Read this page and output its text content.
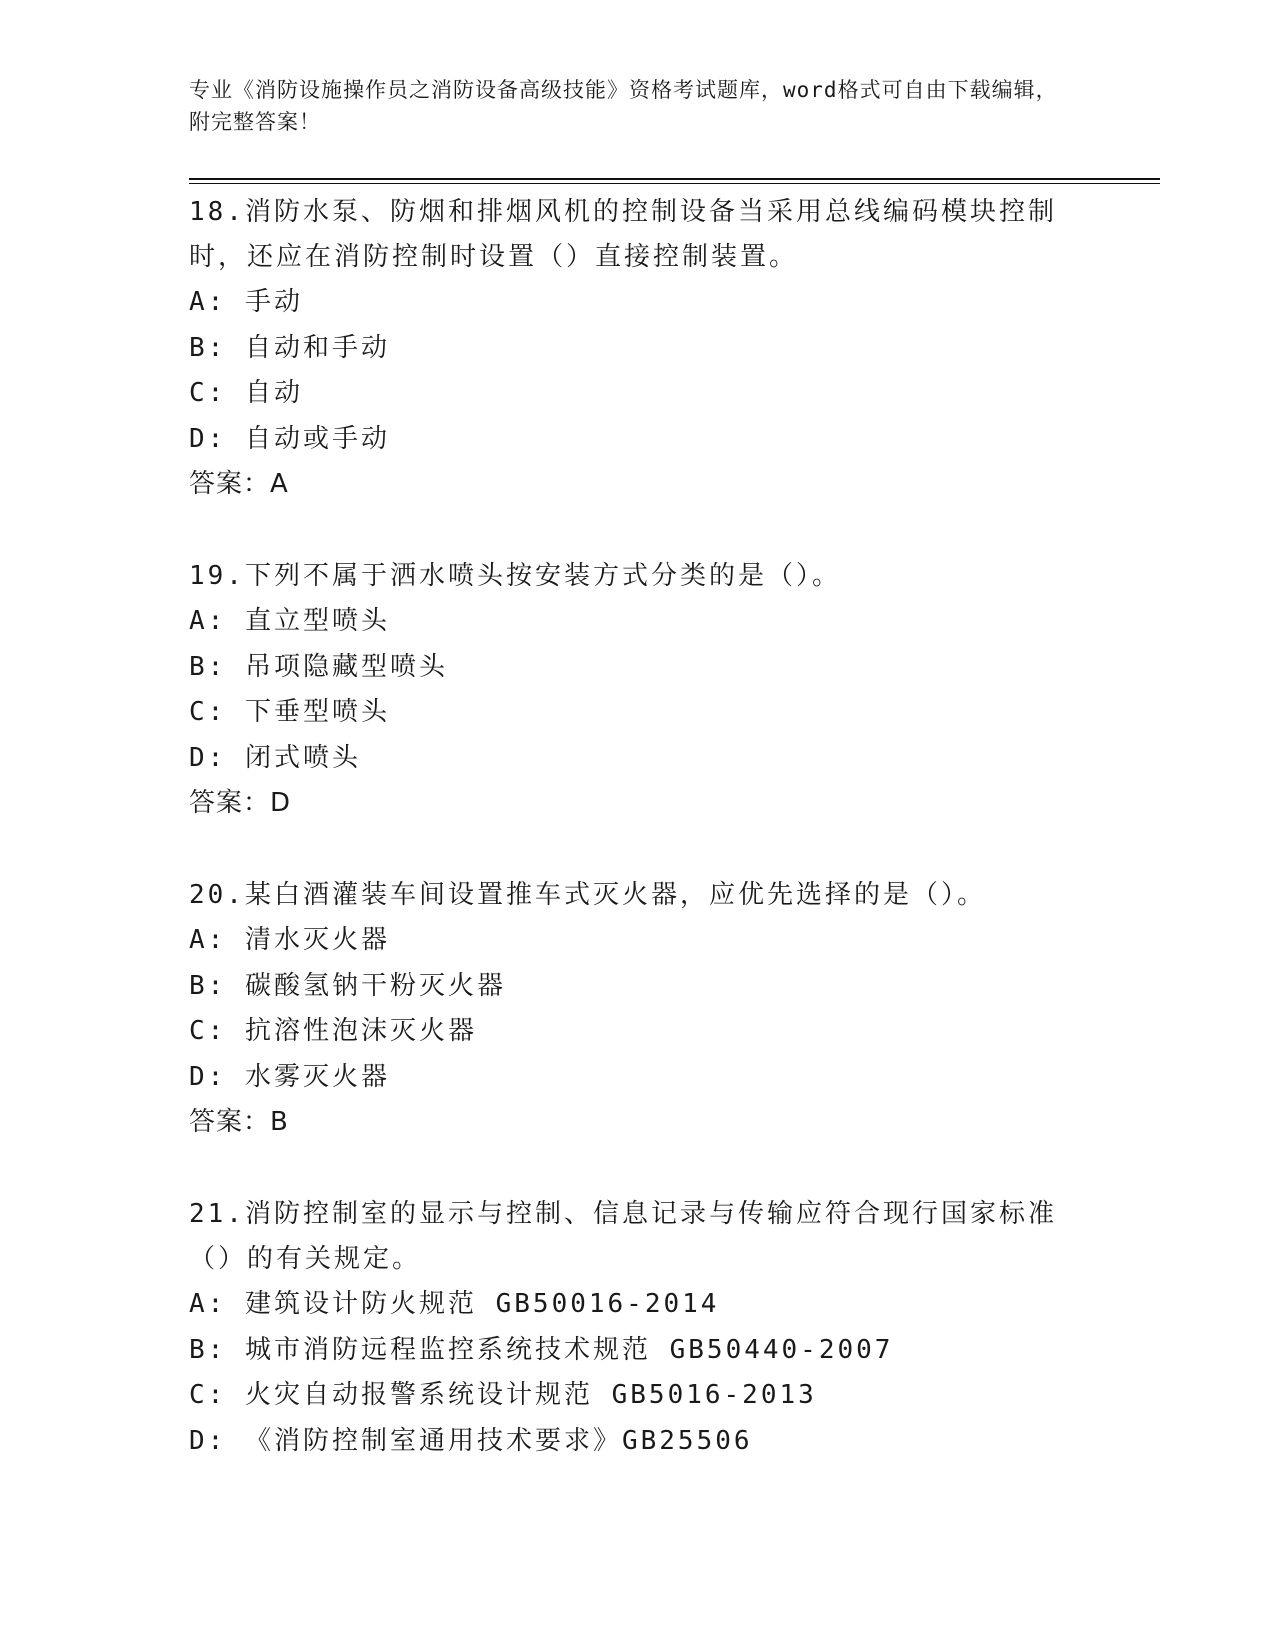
专业《消防设施操作员之消防设备高级技能》资格考试题库，word格式可自由下载编辑，附完整答案！
18.消防水泵、防烟和排烟风机的控制设备当采用总线编码模块控制时，还应在消防控制时设置（）直接控制装置。
A: 手动
B: 自动和手动
C: 自动
D: 自动或手动
答案：A
19.下列不属于洒水喷头按安装方式分类的是（）。
A: 直立型喷头
B: 吊项隐藏型喷头
C: 下垂型喷头
D: 闭式喷头
答案：D
20.某白酒灌装车间设置推车式灭火器，应优先选择的是（）。
A: 清水灭火器
B: 碳酸氢钠干粉灭火器
C: 抗溶性泡沫灭火器
D: 水雾灭火器
答案：B
21.消防控制室的显示与控制、信息记录与传输应符合现行国家标准（）的有关规定。
A: 建筑设计防火规范 GB50016-2014
B: 城市消防远程监控系统技术规范 GB50440-2007
C: 火灾自动报警系统设计规范 GB5016-2013
D: 《消防控制室通用技术要求》GB25506
